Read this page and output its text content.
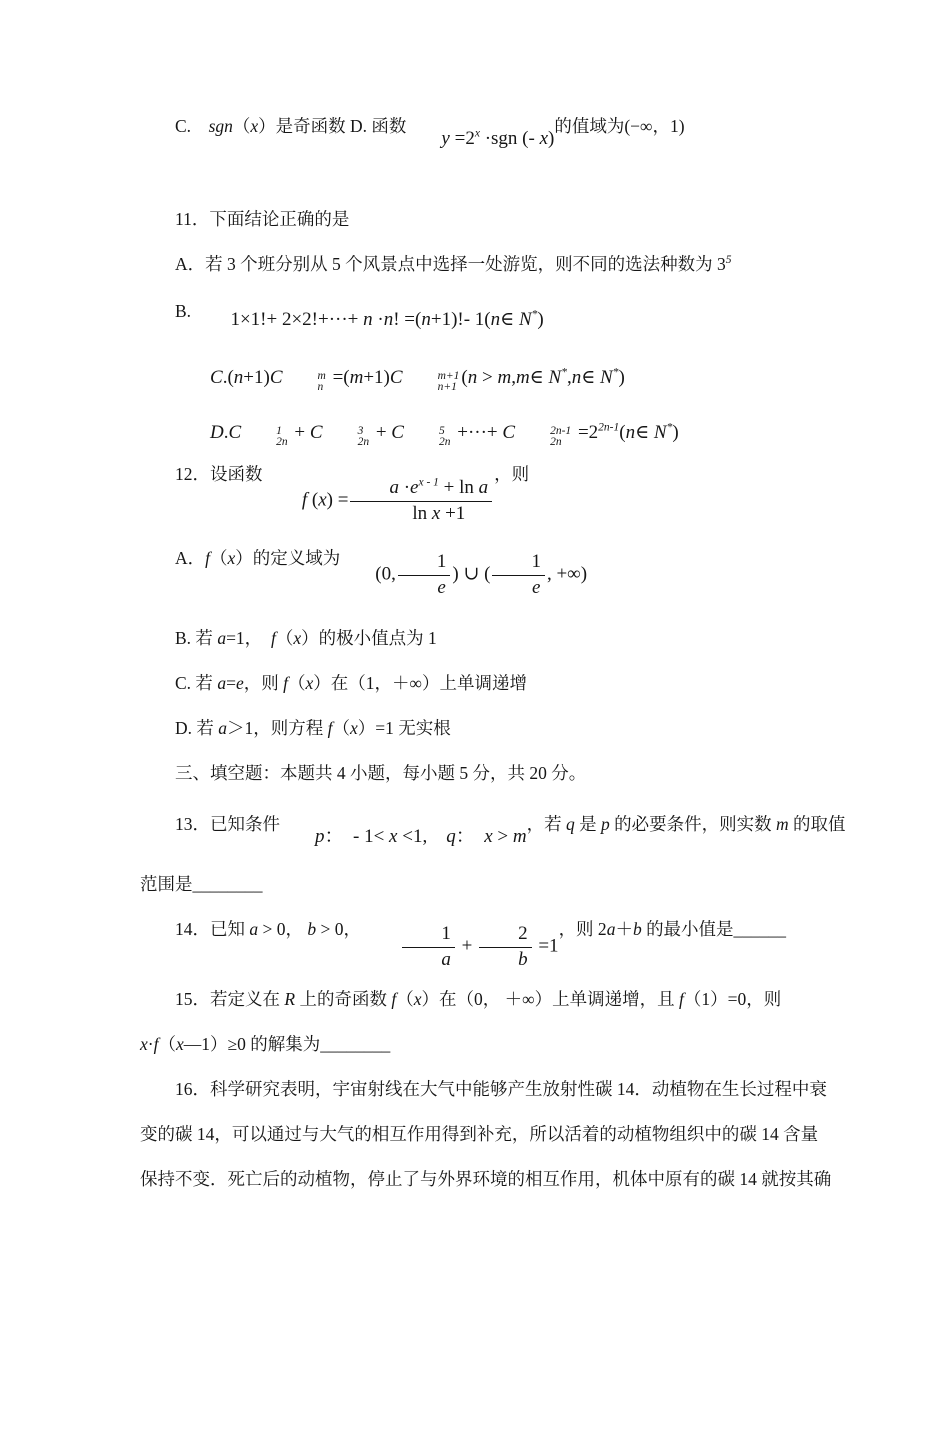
C.    sgn（x）是奇函数 D. 函数$y =2^x \cdot sgn$ (- x)的值域为(−∞，1)
11．下面结论正确的是
A．若 3 个班分别从 5 个风景点中选择一处游览，则不同的选法种数为 $3^5$
B. 1×1!+ 2×2!+···+ n ·n! =(n+1)!- 1(n∈ N*)
C.(n+1)C	m
n =(m+1)C	m+1
n+1 (n > m,m∈ N*,n∈ N*)
D.C	1
2n + C	3
2n + C	5
2n +···+ C	2n-1
$2n =2^{2n-1}(n\in$ N*)
12．设函数 f $(x) = \frac{a \cdot e^{x - 1} + \ln a}{\text{ln x +1}}$
，则
A．f（x）的定义域为(0, $\frac{1}{e}$ ) ∪ ( $\frac{1}{e}$ , +∞)
B. 若 a=1，  f（x）的极小值点为 1
C. 若 a=e，则 f（x）在（1，＋∞）上单调递增
D. 若 a＞1，则方程 f（x）=1 无实根
三、填空题：本题共 4 小题，每小题 5 分，共 20 分。
13．已知条件p：  - 1< x <1,　q：　x > m，若 q 是 p 的必要条件，则实数 m 的取值
范围是________
14．已知 a > 0， b > 0， $\frac{1}{a} + \frac{2}{b} =1$，则 2a＋b 的最小值是______
15．若定义在 R 上的奇函数 f（x）在（0， ＋∞）上单调递增，且 f（1）=0，则
x·f（x—1）≥0 的解集为________
16．科学研究表明，宇宙射线在大气中能够产生放射性碳 14．动植物在生长过程中衰
变的碳 14，可以通过与大气的相互作用得到补充，所以活着的动植物组织中的碳 14 含量
保持不变．死亡后的动植物，停止了与外界环境的相互作用，机体中原有的碳 14 就按其确
